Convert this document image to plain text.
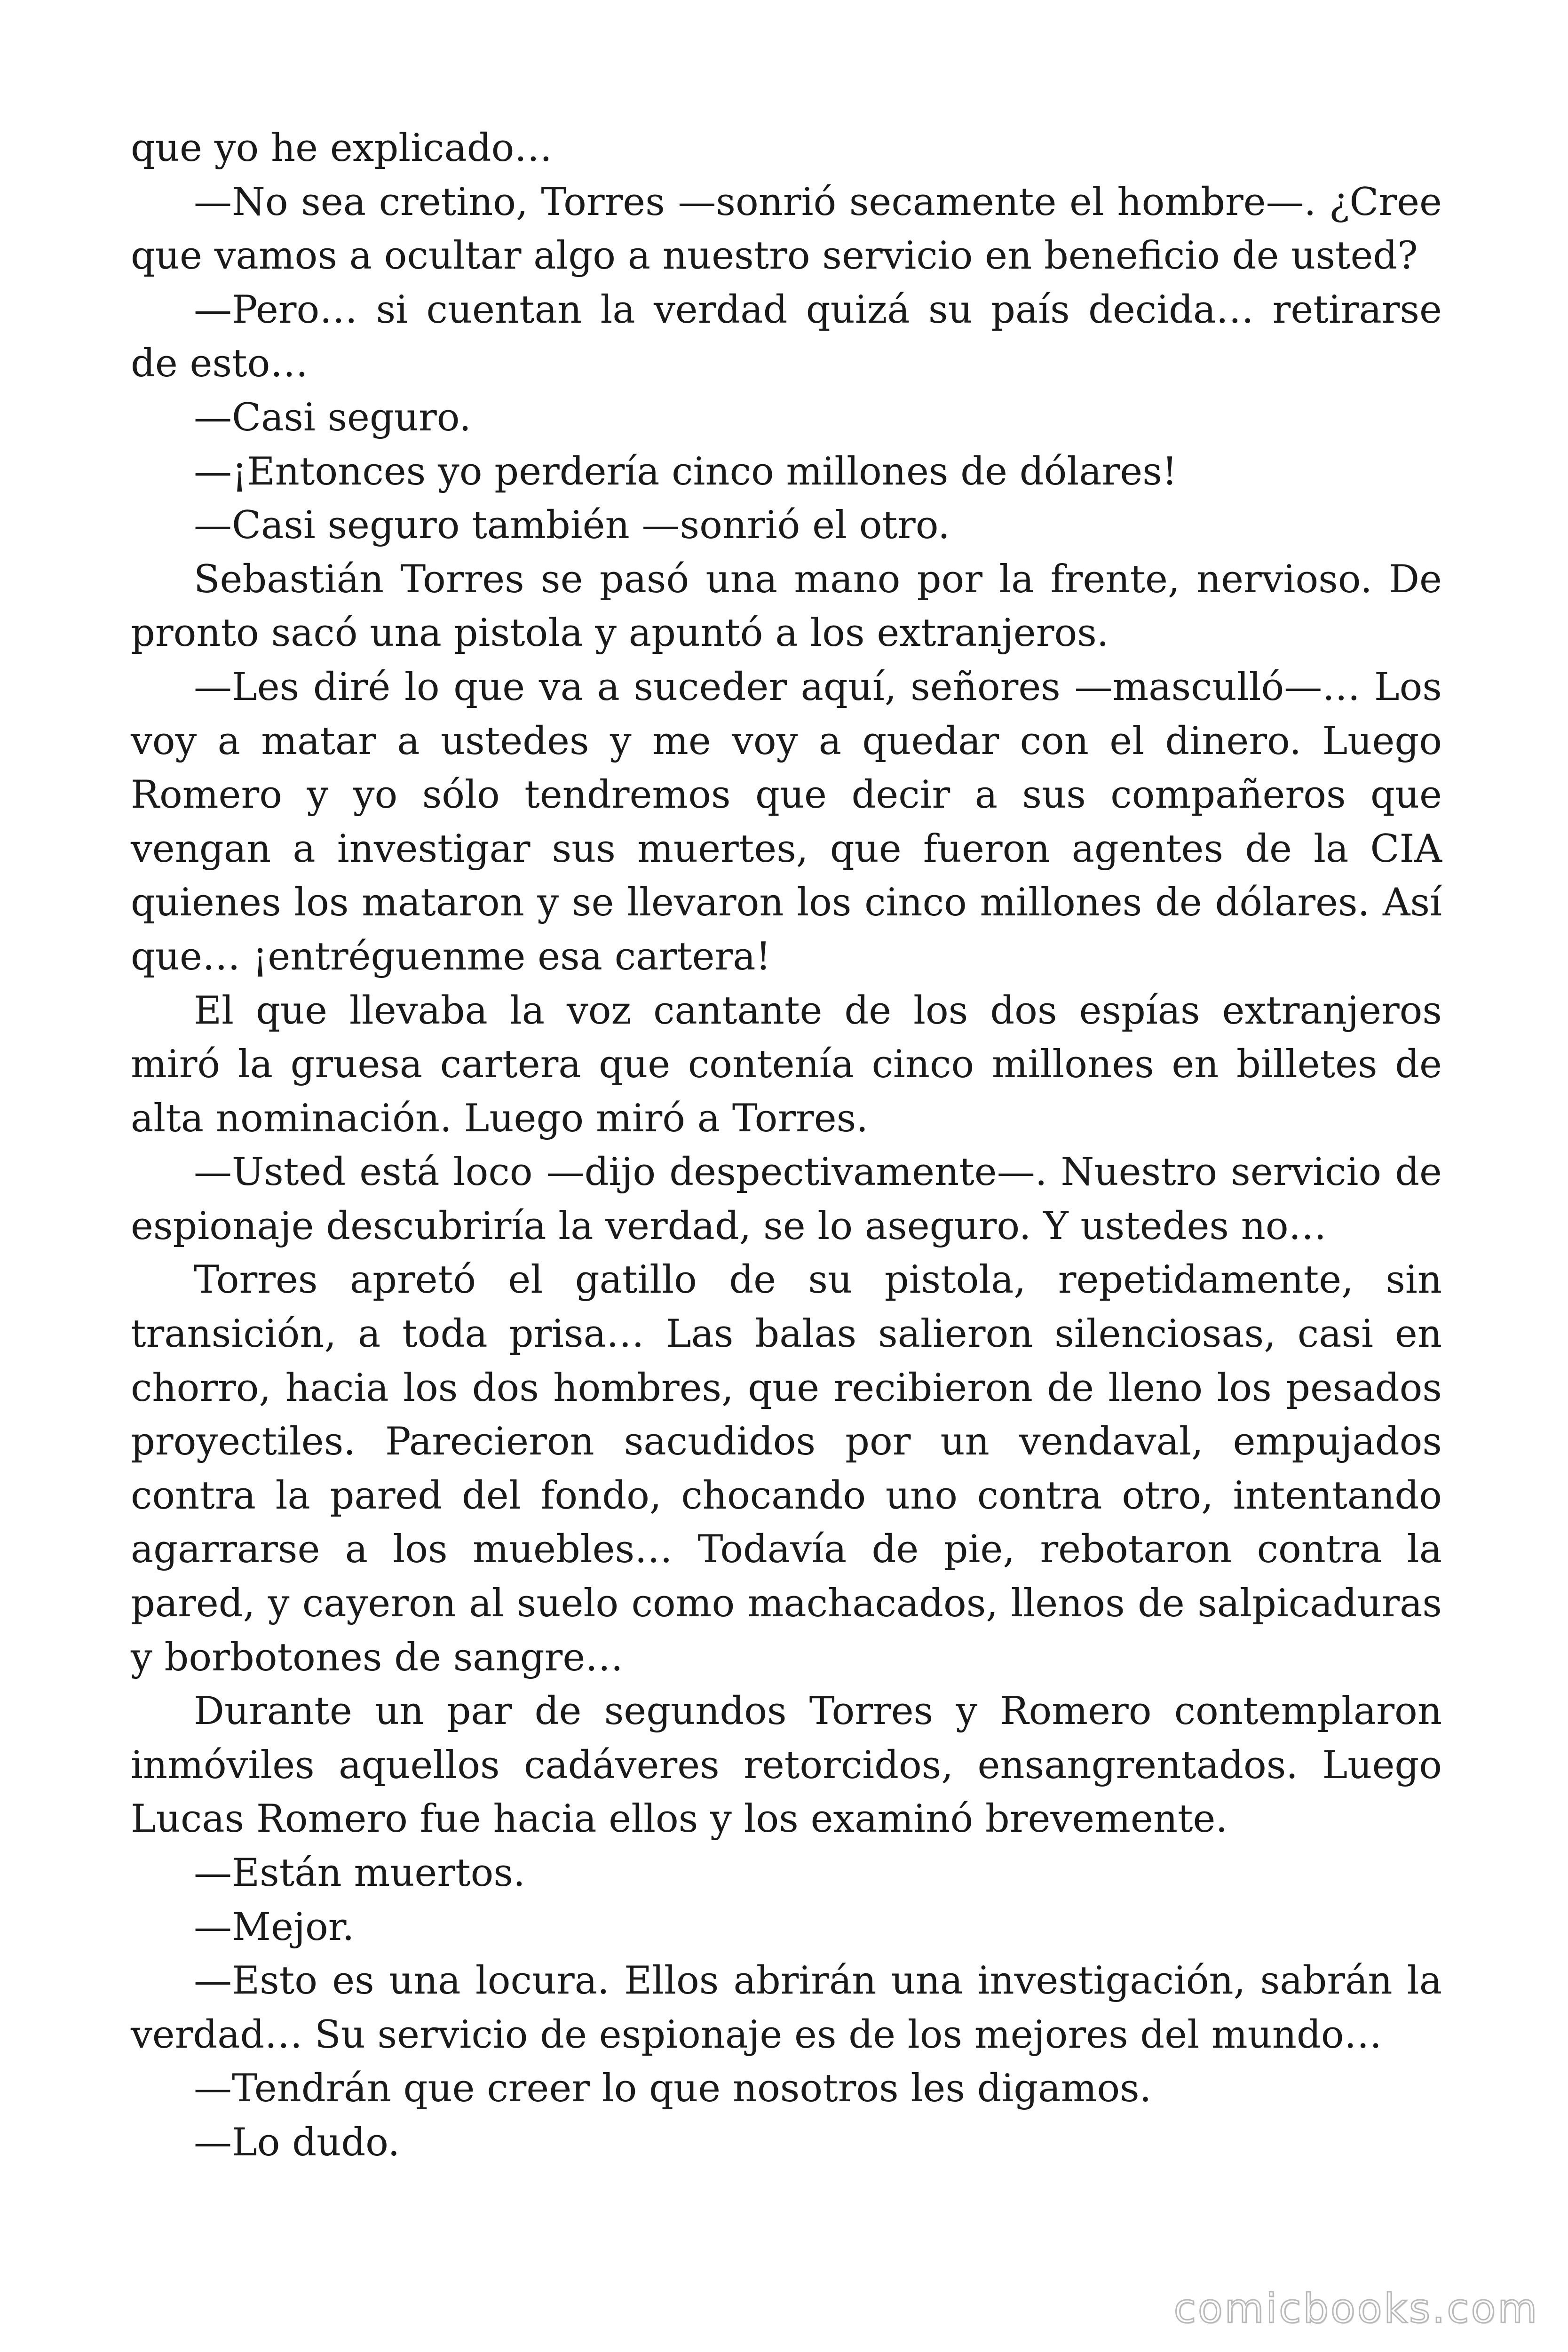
que yo he explicado…

—No sea cretino, Torres —sonrió secamente el hombre—. ¿Cree que vamos a ocultar algo a nuestro servicio en beneficio de usted?

—Pero… si cuentan la verdad quizá su país decida… retirarse de esto…

—Casi seguro.

—¡Entonces yo perdería cinco millones de dólares!

—Casi seguro también —sonrió el otro.

Sebastián Torres se pasó una mano por la frente, nervioso. De pronto sacó una pistola y apuntó a los extranjeros.

—Les diré lo que va a suceder aquí, señores —masculló—… Los voy a matar a ustedes y me voy a quedar con el dinero. Luego Romero y yo sólo tendremos que decir a sus compañeros que vengan a investigar sus muertes, que fueron agentes de la CIA quienes los mataron y se llevaron los cinco millones de dólares. Así que… ¡entréguenme esa cartera!

El que llevaba la voz cantante de los dos espías extranjeros miró la gruesa cartera que contenía cinco millones en billetes de alta nominación. Luego miró a Torres.

—Usted está loco —dijo despectivamente—. Nuestro servicio de espionaje descubriría la verdad, se lo aseguro. Y ustedes no…

Torres apretó el gatillo de su pistola, repetidamente, sin transición, a toda prisa… Las balas salieron silenciosas, casi en chorro, hacia los dos hombres, que recibieron de lleno los pesados proyectiles. Parecieron sacudidos por un vendaval, empujados contra la pared del fondo, chocando uno contra otro, intentando agarrarse a los muebles… Todavía de pie, rebotaron contra la pared, y cayeron al suelo como machacados, llenos de salpicaduras y borbotones de sangre…

Durante un par de segundos Torres y Romero contemplaron inmóviles aquellos cadáveres retorcidos, ensangrentados. Luego Lucas Romero fue hacia ellos y los examinó brevemente.

—Están muertos.

—Mejor.

—Esto es una locura. Ellos abrirán una investigación, sabrán la verdad… Su servicio de espionaje es de los mejores del mundo…

—Tendrán que creer lo que nosotros les digamos.

—Lo dudo.

comicbooks.com
